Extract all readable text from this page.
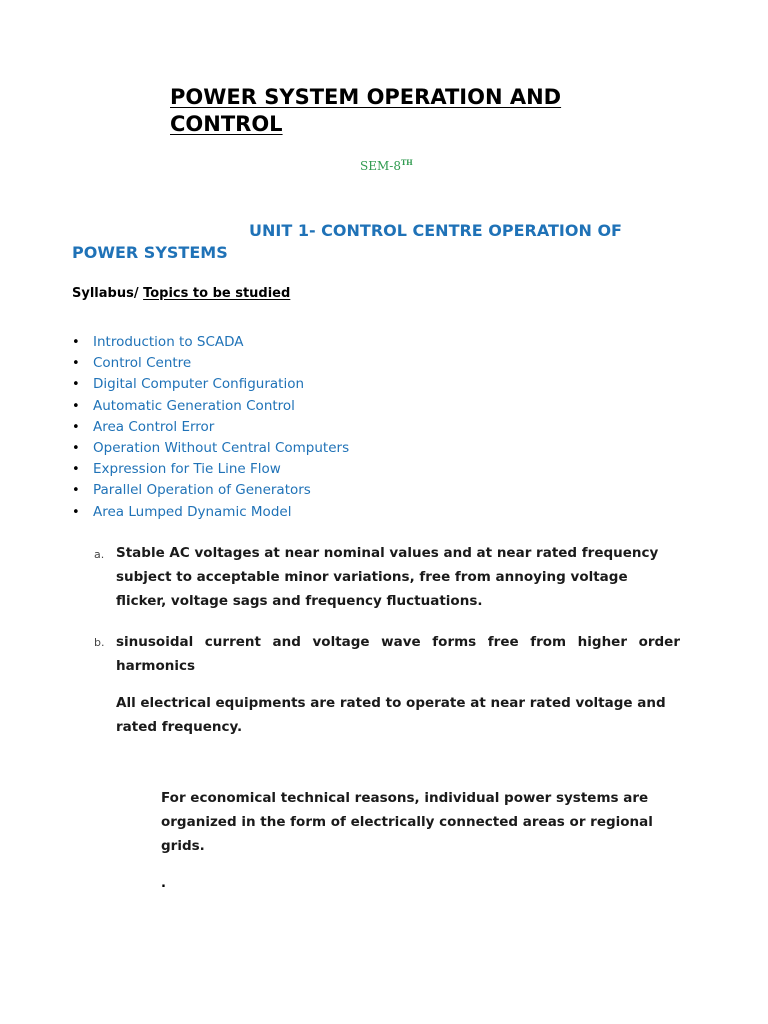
POWER SYSTEM OPERATION AND CONTROL
SEM-8TH
UNIT 1- CONTROL CENTRE OPERATION OF POWER SYSTEMS
Syllabus/ Topics to be studied
• Introduction to SCADA
• Control Centre
• Digital Computer Configuration
• Automatic Generation Control
• Area Control Error
• Operation Without Central Computers
• Expression for Tie Line Flow
• Parallel Operation of Generators
• Area Lumped Dynamic Model
a. Stable AC voltages at near nominal values and at near rated frequency subject to acceptable minor variations, free from annoying voltage flicker, voltage sags and frequency fluctuations.

b. sinusoidal current and voltage wave forms free from higher order harmonics

All electrical equipments are rated to operate at near rated voltage and rated frequency.

For economical technical reasons, individual power systems are organized in the form of electrically connected areas or regional grids.

.
